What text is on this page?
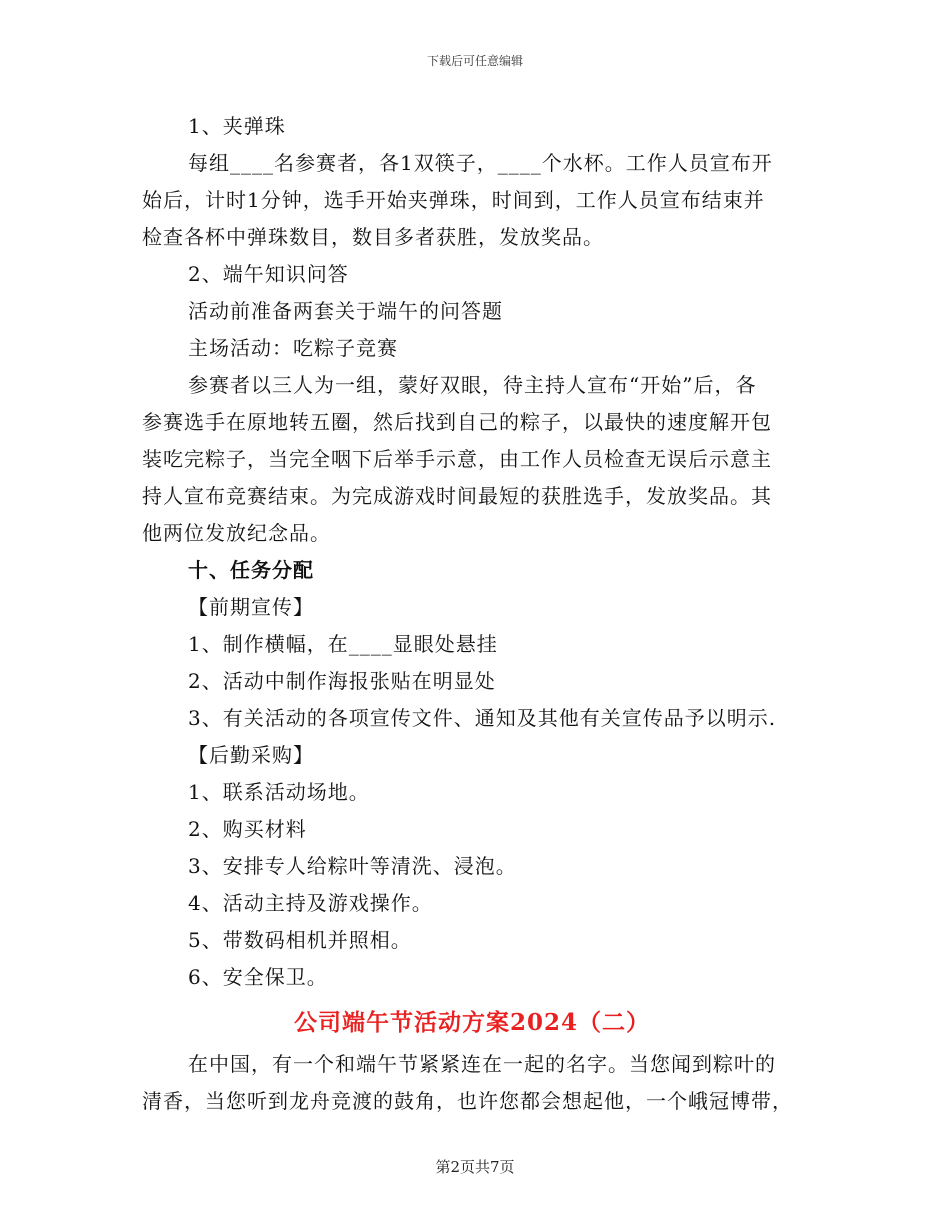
下载后可任意编辑
1、夹弹珠
每组____名参赛者，各1双筷子，____个水杯。工作人员宣布开
始后，计时1分钟，选手开始夹弹珠，时间到，工作人员宣布结束并
检查各杯中弹珠数目，数目多者获胜，发放奖品。
2、端午知识问答
活动前准备两套关于端午的问答题
主场活动：吃粽子竞赛
参赛者以三人为一组，蒙好双眼，待主持人宣布“开始”后，各
参赛选手在原地转五圈，然后找到自己的粽子，以最快的速度解开包
装吃完粽子，当完全咽下后举手示意，由工作人员检查无误后示意主
持人宣布竞赛结束。为完成游戏时间最短的获胜选手，发放奖品。其
他两位发放纪念品。
十、任务分配
【前期宣传】
1、制作横幅，在____显眼处悬挂
2、活动中制作海报张贴在明显处
3、有关活动的各项宣传文件、通知及其他有关宣传品予以明示.
【后勤采购】
1、联系活动场地。
2、购买材料
3、安排专人给粽叶等清洗、浸泡。
4、活动主持及游戏操作。
5、带数码相机并照相。
6、安全保卫。
公司端午节活动方案2024（二）
在中国，有一个和端午节紧紧连在一起的名字。当您闻到粽叶的
清香，当您听到龙舟竞渡的鼓角，也许您都会想起他，一个峨冠博带，
第2页共7页
